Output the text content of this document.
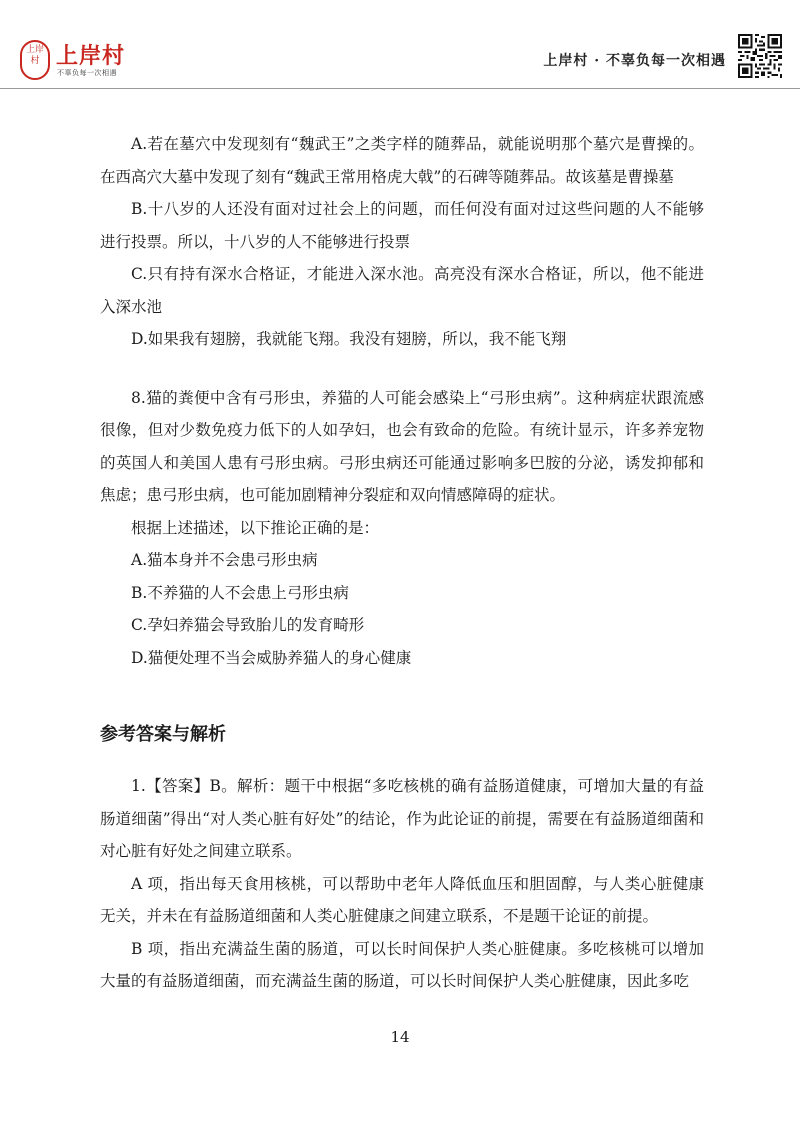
上岸村 上岸村
不辜负每一次相遇
上岸村 · 不辜负每一次相遇

A.若在墓穴中发现刻有“魏武王”之类字样的随葬品，就能说明那个墓穴是曹操的。在西高穴大墓中发现了刻有“魏武王常用格虎大戟”的石碑等随葬品。故该墓是曹操墓

B.十八岁的人还没有面对过社会上的问题，而任何没有面对过这些问题的人不能够进行投票。所以，十八岁的人不能够进行投票

C.只有持有深水合格证，才能进入深水池。高亮没有深水合格证，所以，他不能进入深水池

D.如果我有翅膀，我就能飞翔。我没有翅膀，所以，我不能飞翔

8.猫的粪便中含有弓形虫，养猫的人可能会感染上“弓形虫病”。这种病症状跟流感很像，但对少数免疫力低下的人如孕妇，也会有致命的危险。有统计显示，许多养宠物的英国人和美国人患有弓形虫病。弓形虫病还可能通过影响多巴胺的分泌，诱发抑郁和焦虑；患弓形虫病，也可能加剧精神分裂症和双向情感障碍的症状。

根据上述描述，以下推论正确的是：

A.猫本身并不会患弓形虫病

B.不养猫的人不会患上弓形虫病

C.孕妇养猫会导致胎儿的发育畸形

D.猫便处理不当会威胁养猫人的身心健康

参考答案与解析

1.【答案】B。解析：题干中根据“多吃核桃的确有益肠道健康，可增加大量的有益肠道细菌”得出“对人类心脏有好处”的结论，作为此论证的前提，需要在有益肠道细菌和对心脏有好处之间建立联系。

A 项，指出每天食用核桃，可以帮助中老年人降低血压和胆固醇，与人类心脏健康无关，并未在有益肠道细菌和人类心脏健康之间建立联系，不是题干论证的前提。

B 项，指出充满益生菌的肠道，可以长时间保护人类心脏健康。多吃核桃可以增加大量的有益肠道细菌，而充满益生菌的肠道，可以长时间保护人类心脏健康，因此多吃

14
